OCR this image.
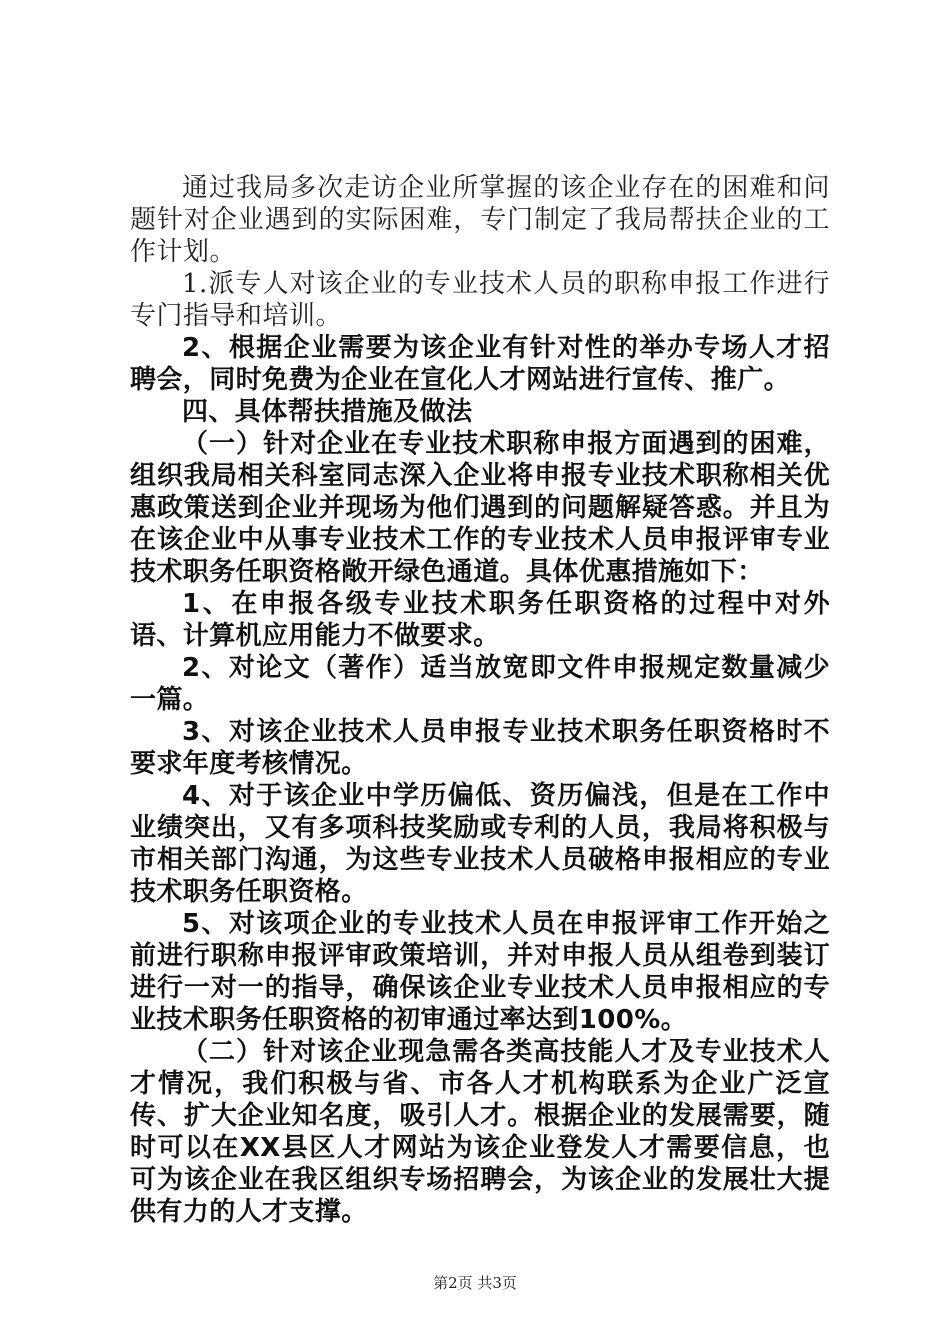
通过我局多次走访企业所掌握的该企业存在的困难和问题针对企业遇到的实际困难，专门制定了我局帮扶企业的工作计划。

1.派专人对该企业的专业技术人员的职称申报工作进行专门指导和培训。

2、根据企业需要为该企业有针对性的举办专场人才招聘会，同时免费为企业在宣化人才网站进行宣传、推广。

四、具体帮扶措施及做法

（一）针对企业在专业技术职称申报方面遇到的困难，组织我局相关科室同志深入企业将申报专业技术职称相关优惠政策送到企业并现场为他们遇到的问题解疑答惑。并且为在该企业中从事专业技术工作的专业技术人员申报评审专业技术职务任职资格敞开绿色通道。具体优惠措施如下：

1、在申报各级专业技术职务任职资格的过程中对外语、计算机应用能力不做要求。

2、对论文（著作）适当放宽即文件申报规定数量减少一篇。

3、对该企业技术人员申报专业技术职务任职资格时不要求年度考核情况。

4、对于该企业中学历偏低、资历偏浅，但是在工作中业绩突出，又有多项科技奖励或专利的人员，我局将积极与市相关部门沟通，为这些专业技术人员破格申报相应的专业技术职务任职资格。

5、对该项企业的专业技术人员在申报评审工作开始之前进行职称申报评审政策培训，并对申报人员从组卷到装订进行一对一的指导，确保该企业专业技术人员申报相应的专业技术职务任职资格的初审通过率达到100%。

（二）针对该企业现急需各类高技能人才及专业技术人才情况，我们积极与省、市各人才机构联系为企业广泛宣传、扩大企业知名度，吸引人才。根据企业的发展需要，随时可以在XX县区人才网站为该企业登发人才需要信息，也可为该企业在我区组织专场招聘会，为该企业的发展壮大提供有力的人才支撑。

第2页 共3页
